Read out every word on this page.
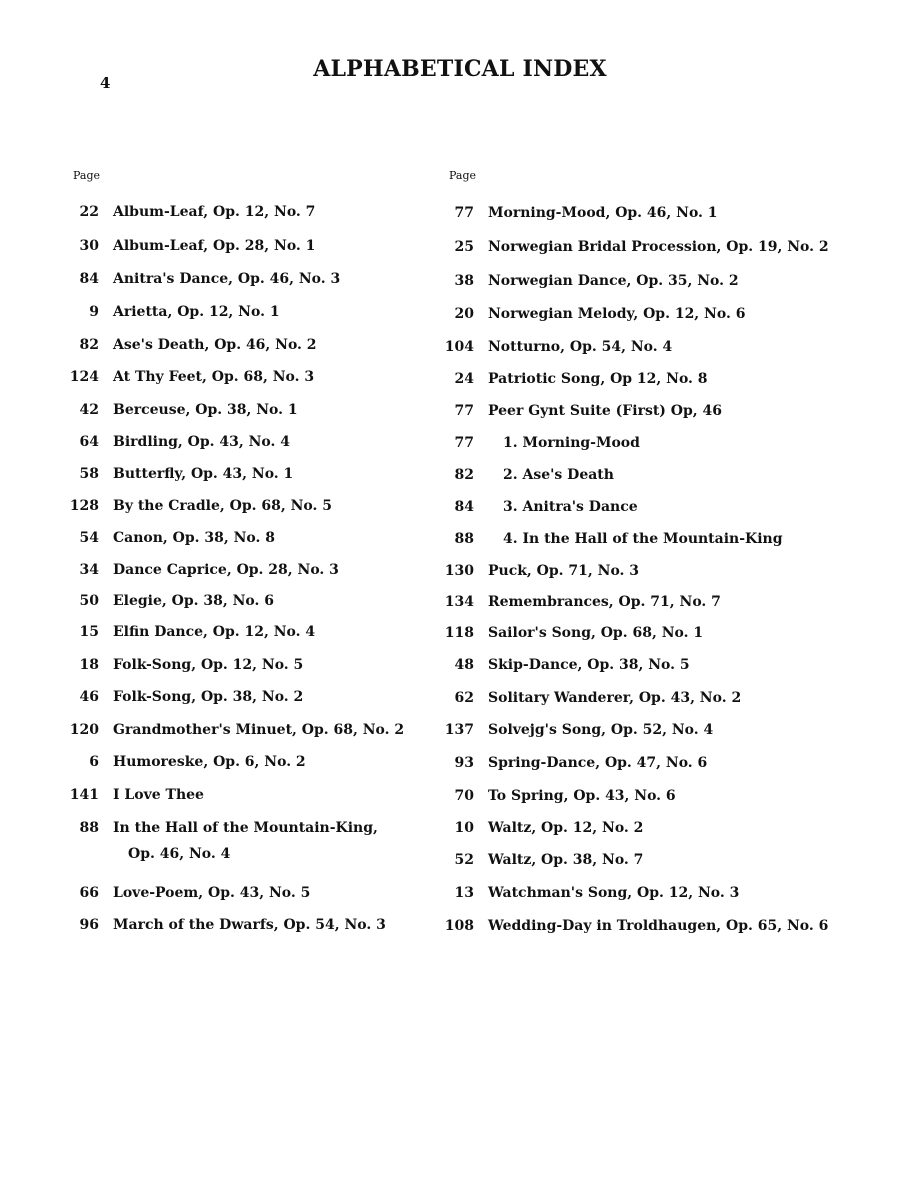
4
ALPHABETICAL INDEX
Page	Page
22 Album-Leaf, Op. 12, No. 7
30 Album-Leaf, Op. 28, No. 1
84 Anitra's Dance, Op. 46, No. 3
9 Arietta, Op. 12, No. 1
82 Ase's Death, Op. 46, No. 2
124 At Thy Feet, Op. 68, No. 3
42 Berceuse, Op. 38, No. 1
64 Birdling, Op. 43, No. 4
58 Butterfly, Op. 43, No. 1
128 By the Cradle, Op. 68, No. 5
54 Canon, Op. 38, No. 8
34 Dance Caprice, Op. 28, No. 3
50 Elegie, Op. 38, No. 6
15 Elfin Dance, Op. 12, No. 4
18 Folk-Song, Op. 12, No. 5
46 Folk-Song, Op. 38, No. 2
120 Grandmother's Minuet, Op. 68, No. 2
6 Humoreske, Op. 6, No. 2
141 I Love Thee
88 In the Hall of the Mountain-King,
Op. 46, No. 4
66 Love-Poem, Op. 43, No. 5
96 March of the Dwarfs, Op. 54, No. 3
77 Morning-Mood, Op. 46, No. 1
25 Norwegian Bridal Procession, Op. 19, No. 2
38 Norwegian Dance, Op. 35, No. 2
20 Norwegian Melody, Op. 12, No. 6
104 Notturno, Op. 54, No. 4
24 Patriotic Song, Op 12, No. 8
77 Peer Gynt Suite (First) Op, 46
77 1. Morning-Mood
82 2. Ase's Death
84 3. Anitra's Dance
88 4. In the Hall of the Mountain-King
130 Puck, Op. 71, No. 3
134 Remembrances, Op. 71, No. 7
118 Sailor's Song, Op. 68, No. 1
48 Skip-Dance, Op. 38, No. 5
62 Solitary Wanderer, Op. 43, No. 2
137 Solvejg's Song, Op. 52, No. 4
93 Spring-Dance, Op. 47, No. 6
70 To Spring, Op. 43, No. 6
10 Waltz, Op. 12, No. 2
52 Waltz, Op. 38, No. 7
13 Watchman's Song, Op. 12, No. 3
108 Wedding-Day in Troldhaugen, Op. 65, No. 6
